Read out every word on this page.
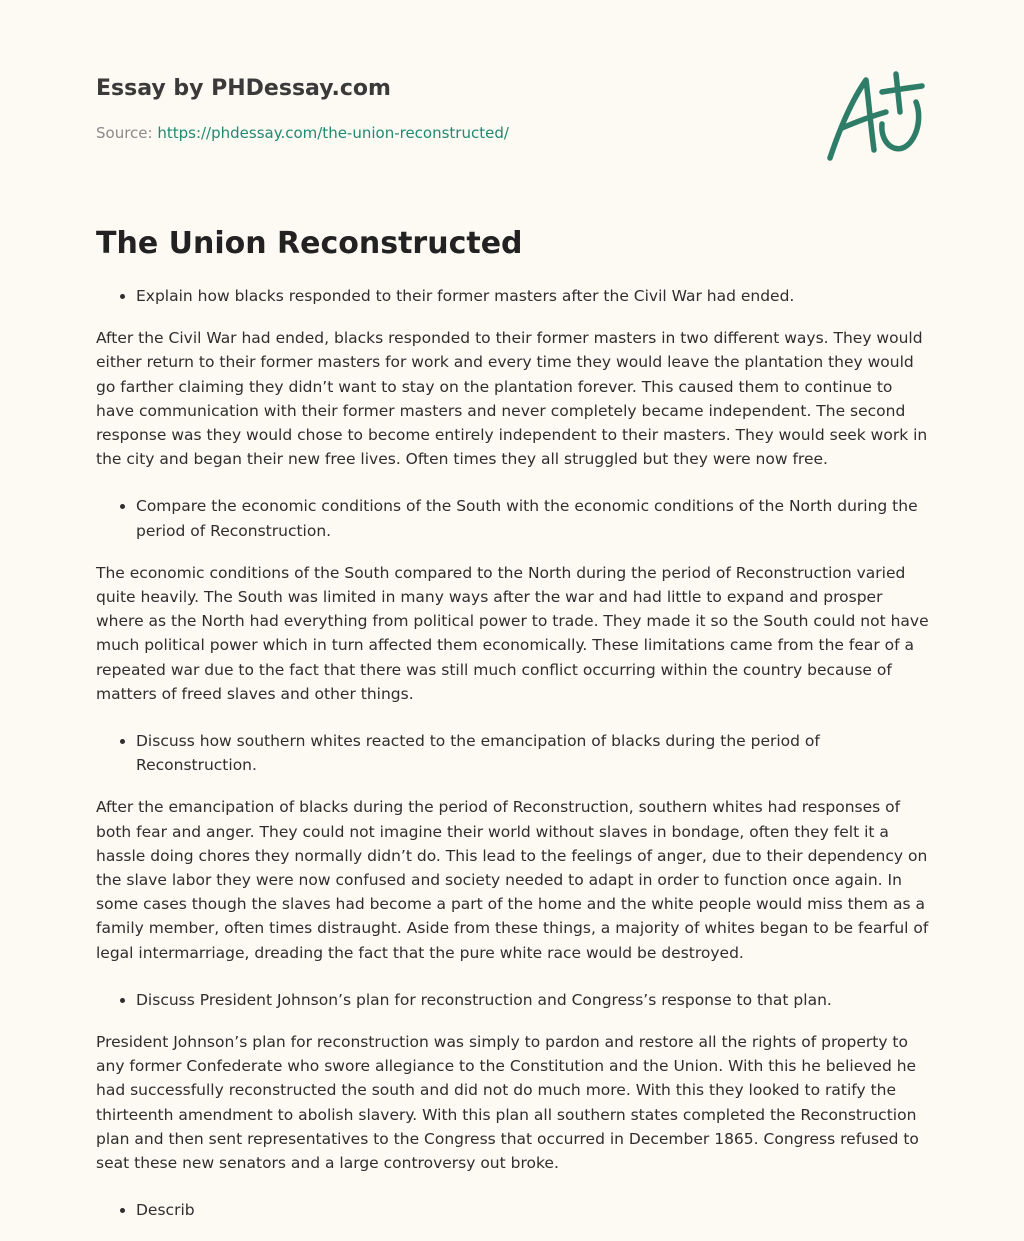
Essay by PHDessay.com

Source: https://phdessay.com/the-union-reconstructed/

The Union Reconstructed
• Explain how blacks responded to their former masters after the Civil War had ended.

After the Civil War had ended, blacks responded to their former masters in two different ways. They would either return to their former masters for work and every time they would leave the plantation they would go farther claiming they didn’t want to stay on the plantation forever. This caused them to continue to have communication with their former masters and never completely became independent. The second response was they would chose to become entirely independent to their masters. They would seek work in the city and began their new free lives. Often times they all struggled but they were now free.

• Compare the economic conditions of the South with the economic conditions of the North during the period of Reconstruction.

The economic conditions of the South compared to the North during the period of Reconstruction varied quite heavily. The South was limited in many ways after the war and had little to expand and prosper where as the North had everything from political power to trade. They made it so the South could not have much political power which in turn affected them economically. These limitations came from the fear of a repeated war due to the fact that there was still much conflict occurring within the country because of matters of freed slaves and other things.

• Discuss how southern whites reacted to the emancipation of blacks during the period of Reconstruction.

After the emancipation of blacks during the period of Reconstruction, southern whites had responses of both fear and anger. They could not imagine their world without slaves in bondage, often they felt it a hassle doing chores they normally didn’t do. This lead to the feelings of anger, due to their dependency on the slave labor they were now confused and society needed to adapt in order to function once again. In some cases though the slaves had become a part of the home and the white people would miss them as a family member, often times distraught. Aside from these things, a majority of whites began to be fearful of legal intermarriage, dreading the fact that the pure white race would be destroyed.

• Discuss President Johnson’s plan for reconstruction and Congress’s response to that plan.

President Johnson’s plan for reconstruction was simply to pardon and restore all the rights of property to any former Confederate who swore allegiance to the Constitution and the Union. With this he believed he had successfully reconstructed the south and did not do much more. With this they looked to ratify the thirteenth amendment to abolish slavery. With this plan all southern states completed the Reconstruction plan and then sent representatives to the Congress that occurred in December 1865. Congress refused to seat these new senators and a large controversy out broke.

• Describ
